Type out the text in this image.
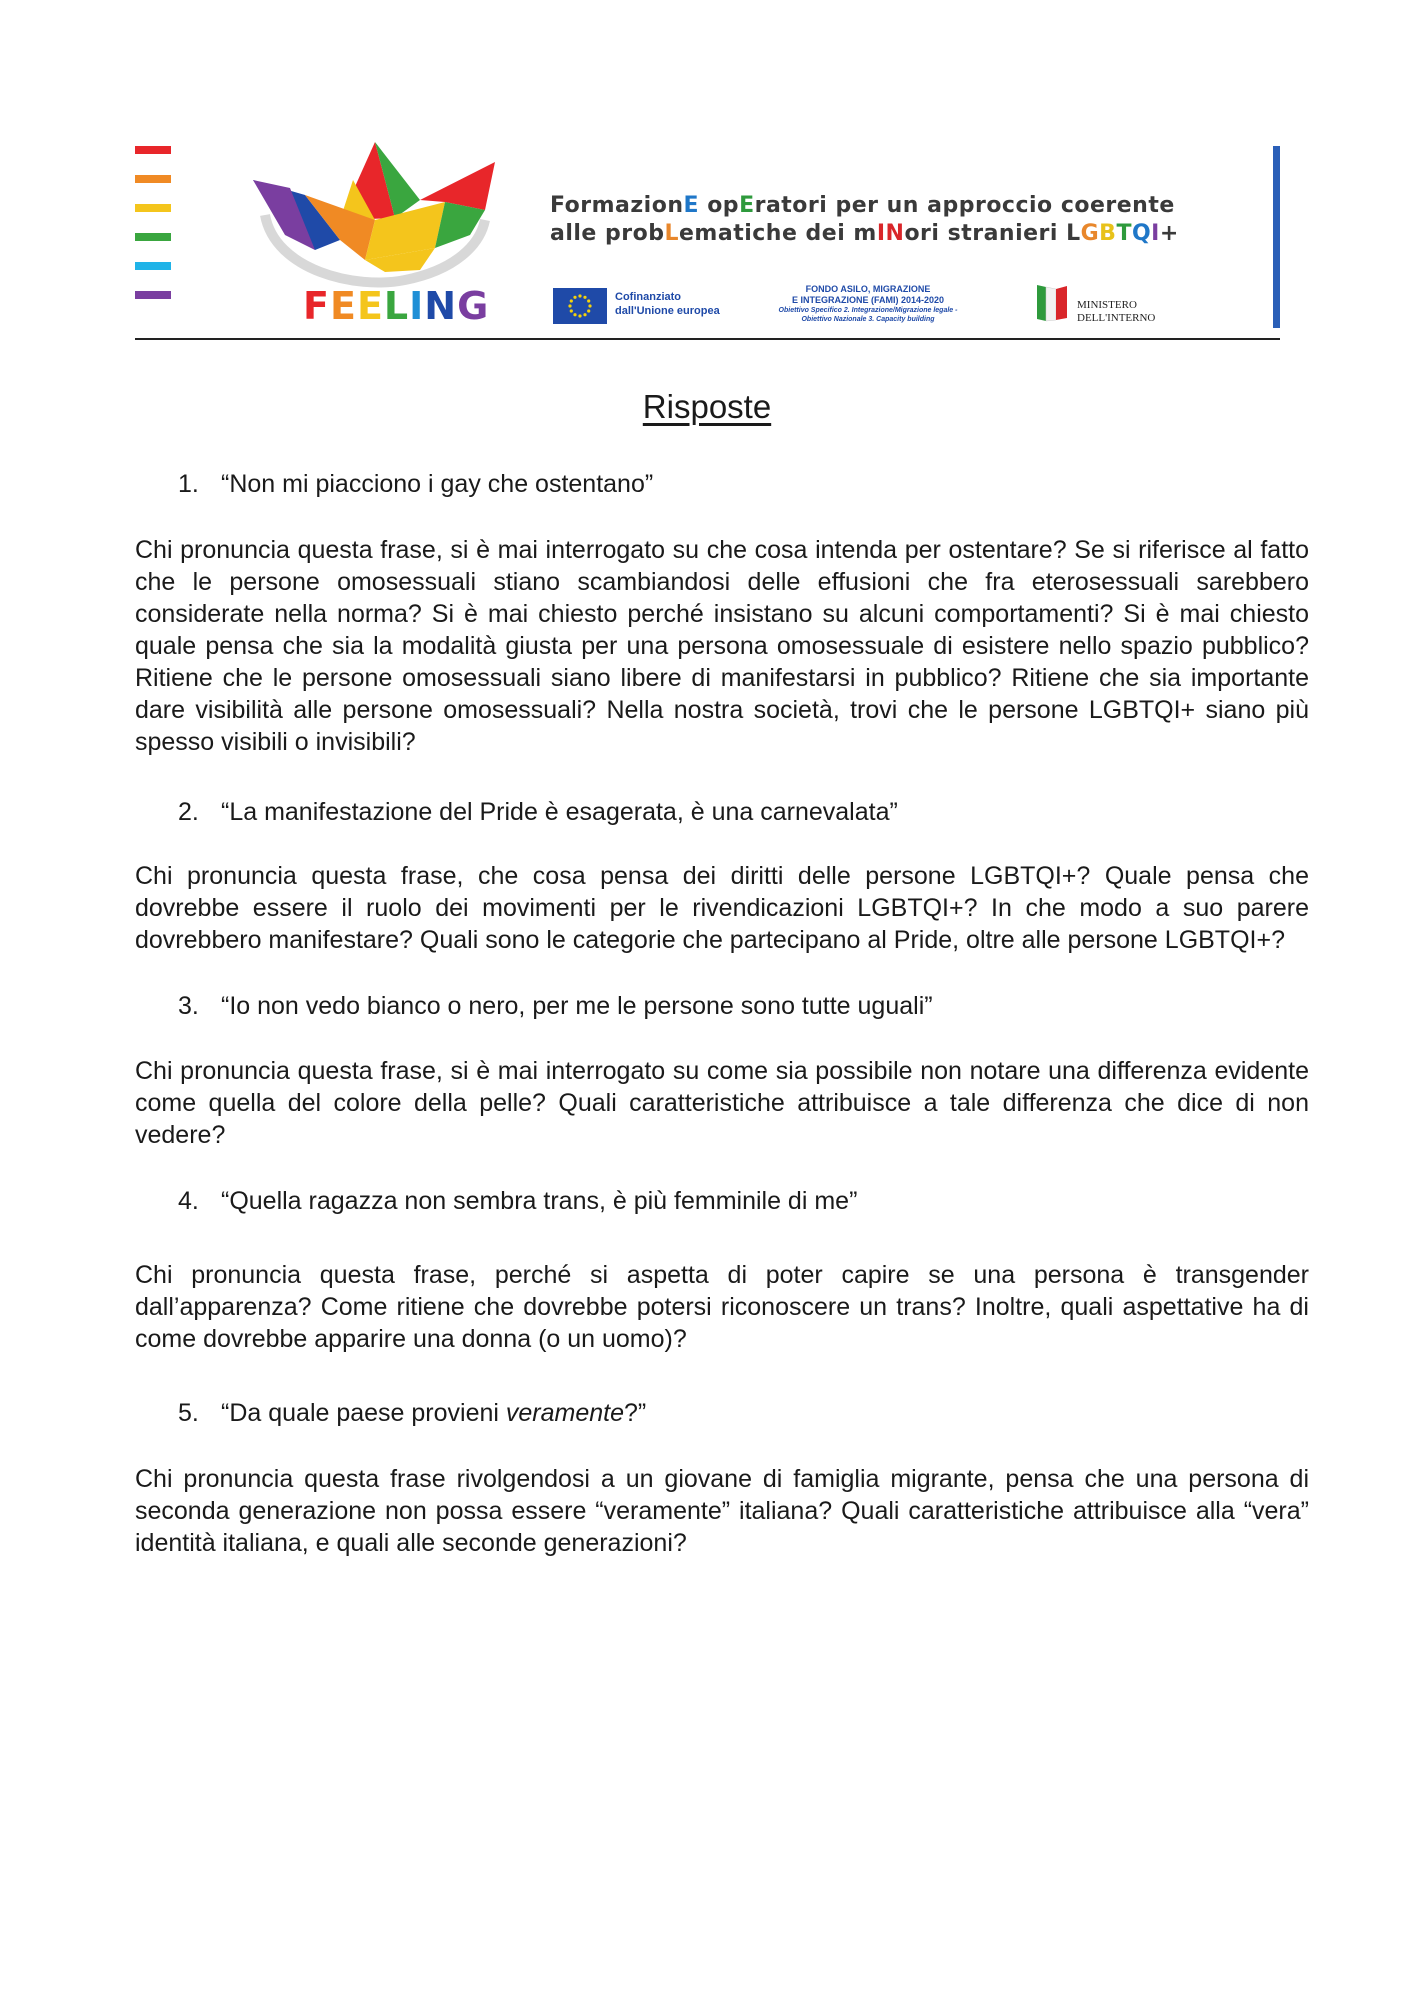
FEELING
FormazionE opEratori per un approccio coerente
alle probLematiche dei mINori stranieri LGBTQI+
Cofinanziato
dall'Unione europea
FONDO ASILO, MIGRAZIONE
E INTEGRAZIONE (FAMI) 2014-2020
Obiettivo Specifico 2. Integrazione/Migrazione legale -
Obiettivo Nazionale 3. Capacity building
MINISTERO
DELL'INTERNO
Risposte

1. “Non mi piacciono i gay che ostentano”

Chi pronuncia questa frase, si è mai interrogato su che cosa intenda per ostentare? Se si riferisce al fatto che le persone omosessuali stiano scambiandosi delle effusioni che fra eterosessuali sarebbero considerate nella norma? Si è mai chiesto perché insistano su alcuni comportamenti? Si è mai chiesto quale pensa che sia la modalità giusta per una persona omosessuale di esistere nello spazio pubblico? Ritiene che le persone omosessuali siano libere di manifestarsi in pubblico? Ritiene che sia importante dare visibilità alle persone omosessuali? Nella nostra società, trovi che le persone LGBTQI+ siano più spesso visibili o invisibili?

2. “La manifestazione del Pride è esagerata, è una carnevalata”

Chi pronuncia questa frase, che cosa pensa dei diritti delle persone LGBTQI+? Quale pensa che dovrebbe essere il ruolo dei movimenti per le rivendicazioni LGBTQI+? In che modo a suo parere dovrebbero manifestare? Quali sono le categorie che partecipano al Pride, oltre alle persone LGBTQI+?

3. “Io non vedo bianco o nero, per me le persone sono tutte uguali”

Chi pronuncia questa frase, si è mai interrogato su come sia possibile non notare una differenza evidente come quella del colore della pelle? Quali caratteristiche attribuisce a tale differenza che dice di non vedere?

4. “Quella ragazza non sembra trans, è più femminile di me”

Chi pronuncia questa frase, perché si aspetta di poter capire se una persona è transgender dall’apparenza? Come ritiene che dovrebbe potersi riconoscere un trans? Inoltre, quali aspettative ha di come dovrebbe apparire una donna (o un uomo)?

5. “Da quale paese provieni veramente?”

Chi pronuncia questa frase rivolgendosi a un giovane di famiglia migrante, pensa che una persona di seconda generazione non possa essere “veramente” italiana? Quali caratteristiche attribuisce alla “vera” identità italiana, e quali alle seconde generazioni?
